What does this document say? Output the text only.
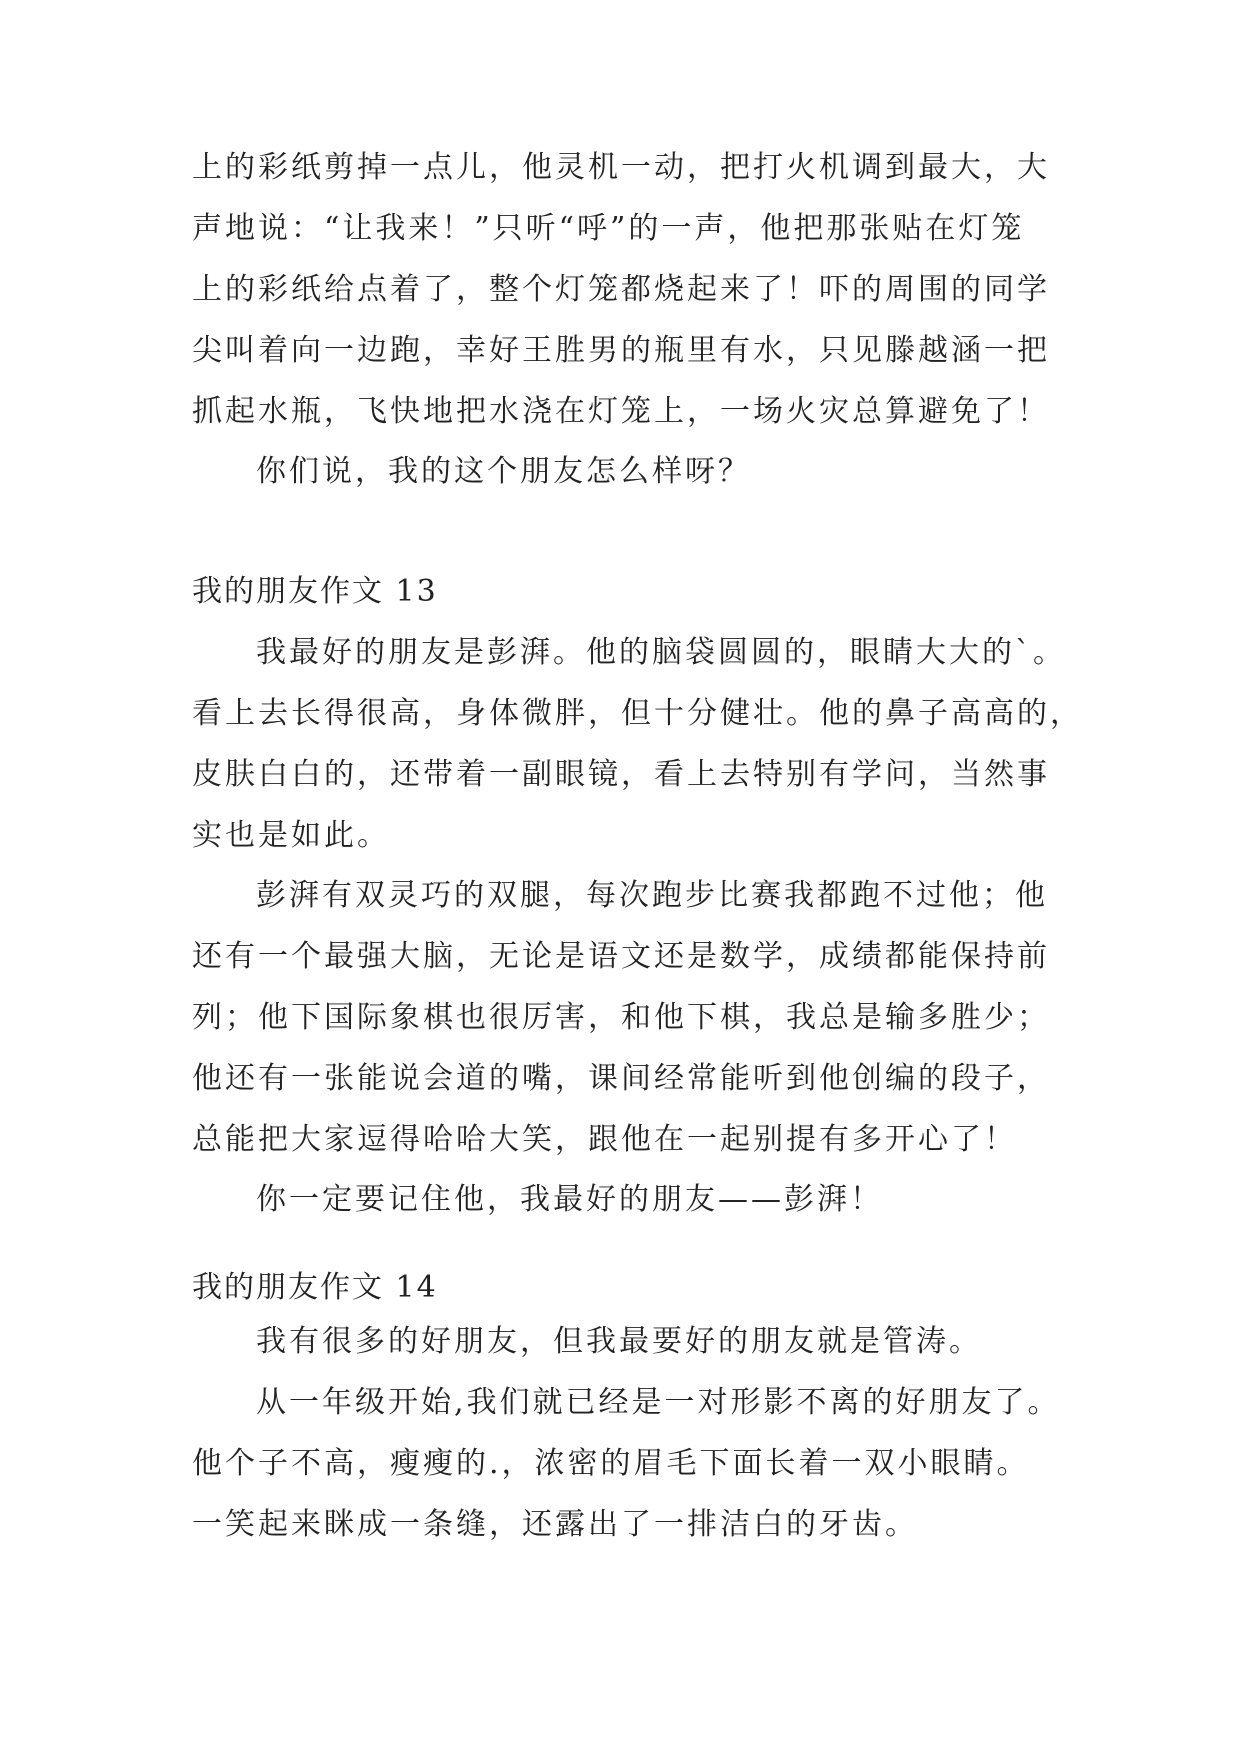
上的彩纸剪掉一点儿，他灵机一动，把打火机调到最大，大
声地说：“让我来！”只听“呼”的一声，他把那张贴在灯笼
上的彩纸给点着了，整个灯笼都烧起来了！吓的周围的同学
尖叫着向一边跑，幸好王胜男的瓶里有水，只见滕越涵一把
抓起水瓶，飞快地把水浇在灯笼上，一场火灾总算避免了！
你们说，我的这个朋友怎么样呀？
我的朋友作文 13
我最好的朋友是彭湃。他的脑袋圆圆的，眼睛大大的`。
看上去长得很高，身体微胖，但十分健壮。他的鼻子高高的，
皮肤白白的，还带着一副眼镜，看上去特别有学问，当然事
实也是如此。
彭湃有双灵巧的双腿，每次跑步比赛我都跑不过他；他
还有一个最强大脑，无论是语文还是数学，成绩都能保持前
列；他下国际象棋也很厉害，和他下棋，我总是输多胜少；
他还有一张能说会道的嘴，课间经常能听到他创编的段子，
总能把大家逗得哈哈大笑，跟他在一起别提有多开心了！
你一定要记住他，我最好的朋友——彭湃！
我的朋友作文 14
我有很多的好朋友，但我最要好的朋友就是管涛。
从一年级开始,我们就已经是一对形影不离的好朋友了。
他个子不高，瘦瘦的.，浓密的眉毛下面长着一双小眼睛。
一笑起来眯成一条缝，还露出了一排洁白的牙齿。
